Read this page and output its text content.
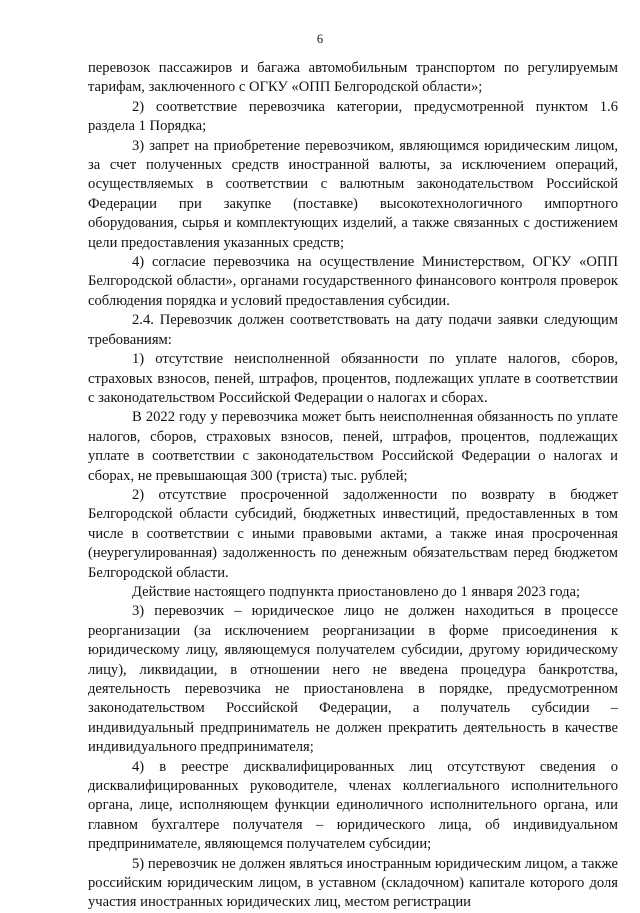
6

перевозок пассажиров и багажа автомобильным транспортом по регулируемым тарифам, заключенного с ОГКУ «ОПП Белгородской области»;

2) соответствие перевозчика категории, предусмотренной пунктом 1.6 раздела 1 Порядка;

3) запрет на приобретение перевозчиком, являющимся юридическим лицом, за счет полученных средств иностранной валюты, за исключением операций, осуществляемых в соответствии с валютным законодательством Российской Федерации при закупке (поставке) высокотехнологичного импортного оборудования, сырья и комплектующих изделий, а также связанных с достижением цели предоставления указанных средств;

4) согласие перевозчика на осуществление Министерством, ОГКУ «ОПП Белгородской области», органами государственного финансового контроля проверок соблюдения порядка и условий предоставления субсидии.

2.4. Перевозчик должен соответствовать на дату подачи заявки следующим требованиям:

1) отсутствие неисполненной обязанности по уплате налогов, сборов, страховых взносов, пеней, штрафов, процентов, подлежащих уплате в соответствии с законодательством Российской Федерации о налогах и сборах.

В 2022 году у перевозчика может быть неисполненная обязанность по уплате налогов, сборов, страховых взносов, пеней, штрафов, процентов, подлежащих уплате в соответствии с законодательством Российской Федерации о налогах и сборах, не превышающая 300 (триста) тыс. рублей;

2) отсутствие просроченной задолженности по возврату в бюджет Белгородской области субсидий, бюджетных инвестиций, предоставленных в том числе в соответствии с иными правовыми актами, а также иная просроченная (неурегулированная) задолженность по денежным обязательствам перед бюджетом Белгородской области.

Действие настоящего подпункта приостановлено до 1 января 2023 года;

3) перевозчик – юридическое лицо не должен находиться в процессе реорганизации (за исключением реорганизации в форме присоединения к юридическому лицу, являющемуся получателем субсидии, другому юридическому лицу), ликвидации, в отношении него не введена процедура банкротства, деятельность перевозчика не приостановлена в порядке, предусмотренном законодательством Российской Федерации, а получатель субсидии – индивидуальный предприниматель не должен прекратить деятельность в качестве индивидуального предпринимателя;

4) в реестре дисквалифицированных лиц отсутствуют сведения о дисквалифицированных руководителе, членах коллегиального исполнительного органа, лице, исполняющем функции единоличного исполнительного органа, или главном бухгалтере получателя – юридического лица, об индивидуальном предпринимателе, являющемся получателем субсидии;

5) перевозчик не должен являться иностранным юридическим лицом, а также российским юридическим лицом, в уставном (складочном) капитале которого доля участия иностранных юридических лиц, местом регистрации
